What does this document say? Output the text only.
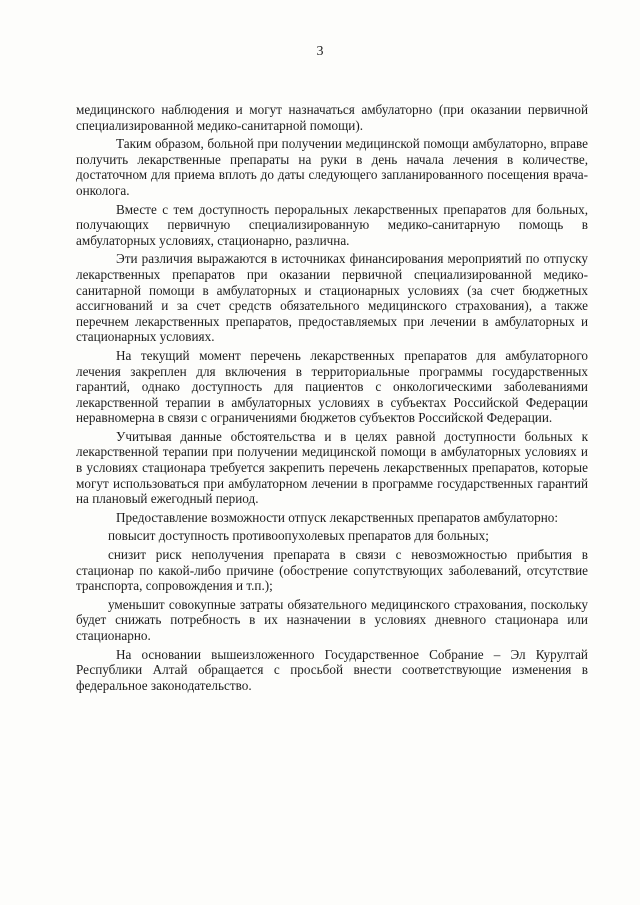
3

медицинского наблюдения и могут назначаться амбулаторно (при оказании первичной специализированной медико-санитарной помощи).

Таким образом, больной при получении медицинской помощи амбулаторно, вправе получить лекарственные препараты на руки в день начала лечения в количестве, достаточном для приема вплоть до даты следующего запланированного посещения врача-онколога.

Вместе с тем доступность пероральных лекарственных препаратов для больных, получающих первичную специализированную медико-санитарную помощь в амбулаторных условиях, стационарно, различна.

Эти различия выражаются в источниках финансирования мероприятий по отпуску лекарственных препаратов при оказании первичной специализированной медико-санитарной помощи в амбулаторных и стационарных условиях (за счет бюджетных ассигнований и за счет средств обязательного медицинского страхования), а также перечнем лекарственных препаратов, предоставляемых при лечении в амбулаторных и стационарных условиях.

На текущий момент перечень лекарственных препаратов для амбулаторного лечения закреплен для включения в территориальные программы государственных гарантий, однако доступность для пациентов с онкологическими заболеваниями лекарственной терапии в амбулаторных условиях в субъектах Российской Федерации неравномерна в связи с ограничениями бюджетов субъектов Российской Федерации.

Учитывая данные обстоятельства и в целях равной доступности больных к лекарственной терапии при получении медицинской помощи в амбулаторных условиях и в условиях стационара требуется закрепить перечень лекарственных препаратов, которые могут использоваться при амбулаторном лечении в программе государственных гарантий на плановый ежегодный период.

Предоставление возможности отпуск лекарственных препаратов амбулаторно:

повысит доступность противоопухолевых препаратов для больных;

снизит риск неполучения препарата в связи с невозможностью прибытия в стационар по какой-либо причине (обострение сопутствующих заболеваний, отсутствие транспорта, сопровождения и т.п.);

уменьшит совокупные затраты обязательного медицинского страхования, поскольку будет снижать потребность в их назначении в условиях дневного стационара или стационарно.

На основании вышеизложенного Государственное Собрание – Эл Курултай Республики Алтай обращается с просьбой внести соответствующие изменения в федеральное законодательство.
